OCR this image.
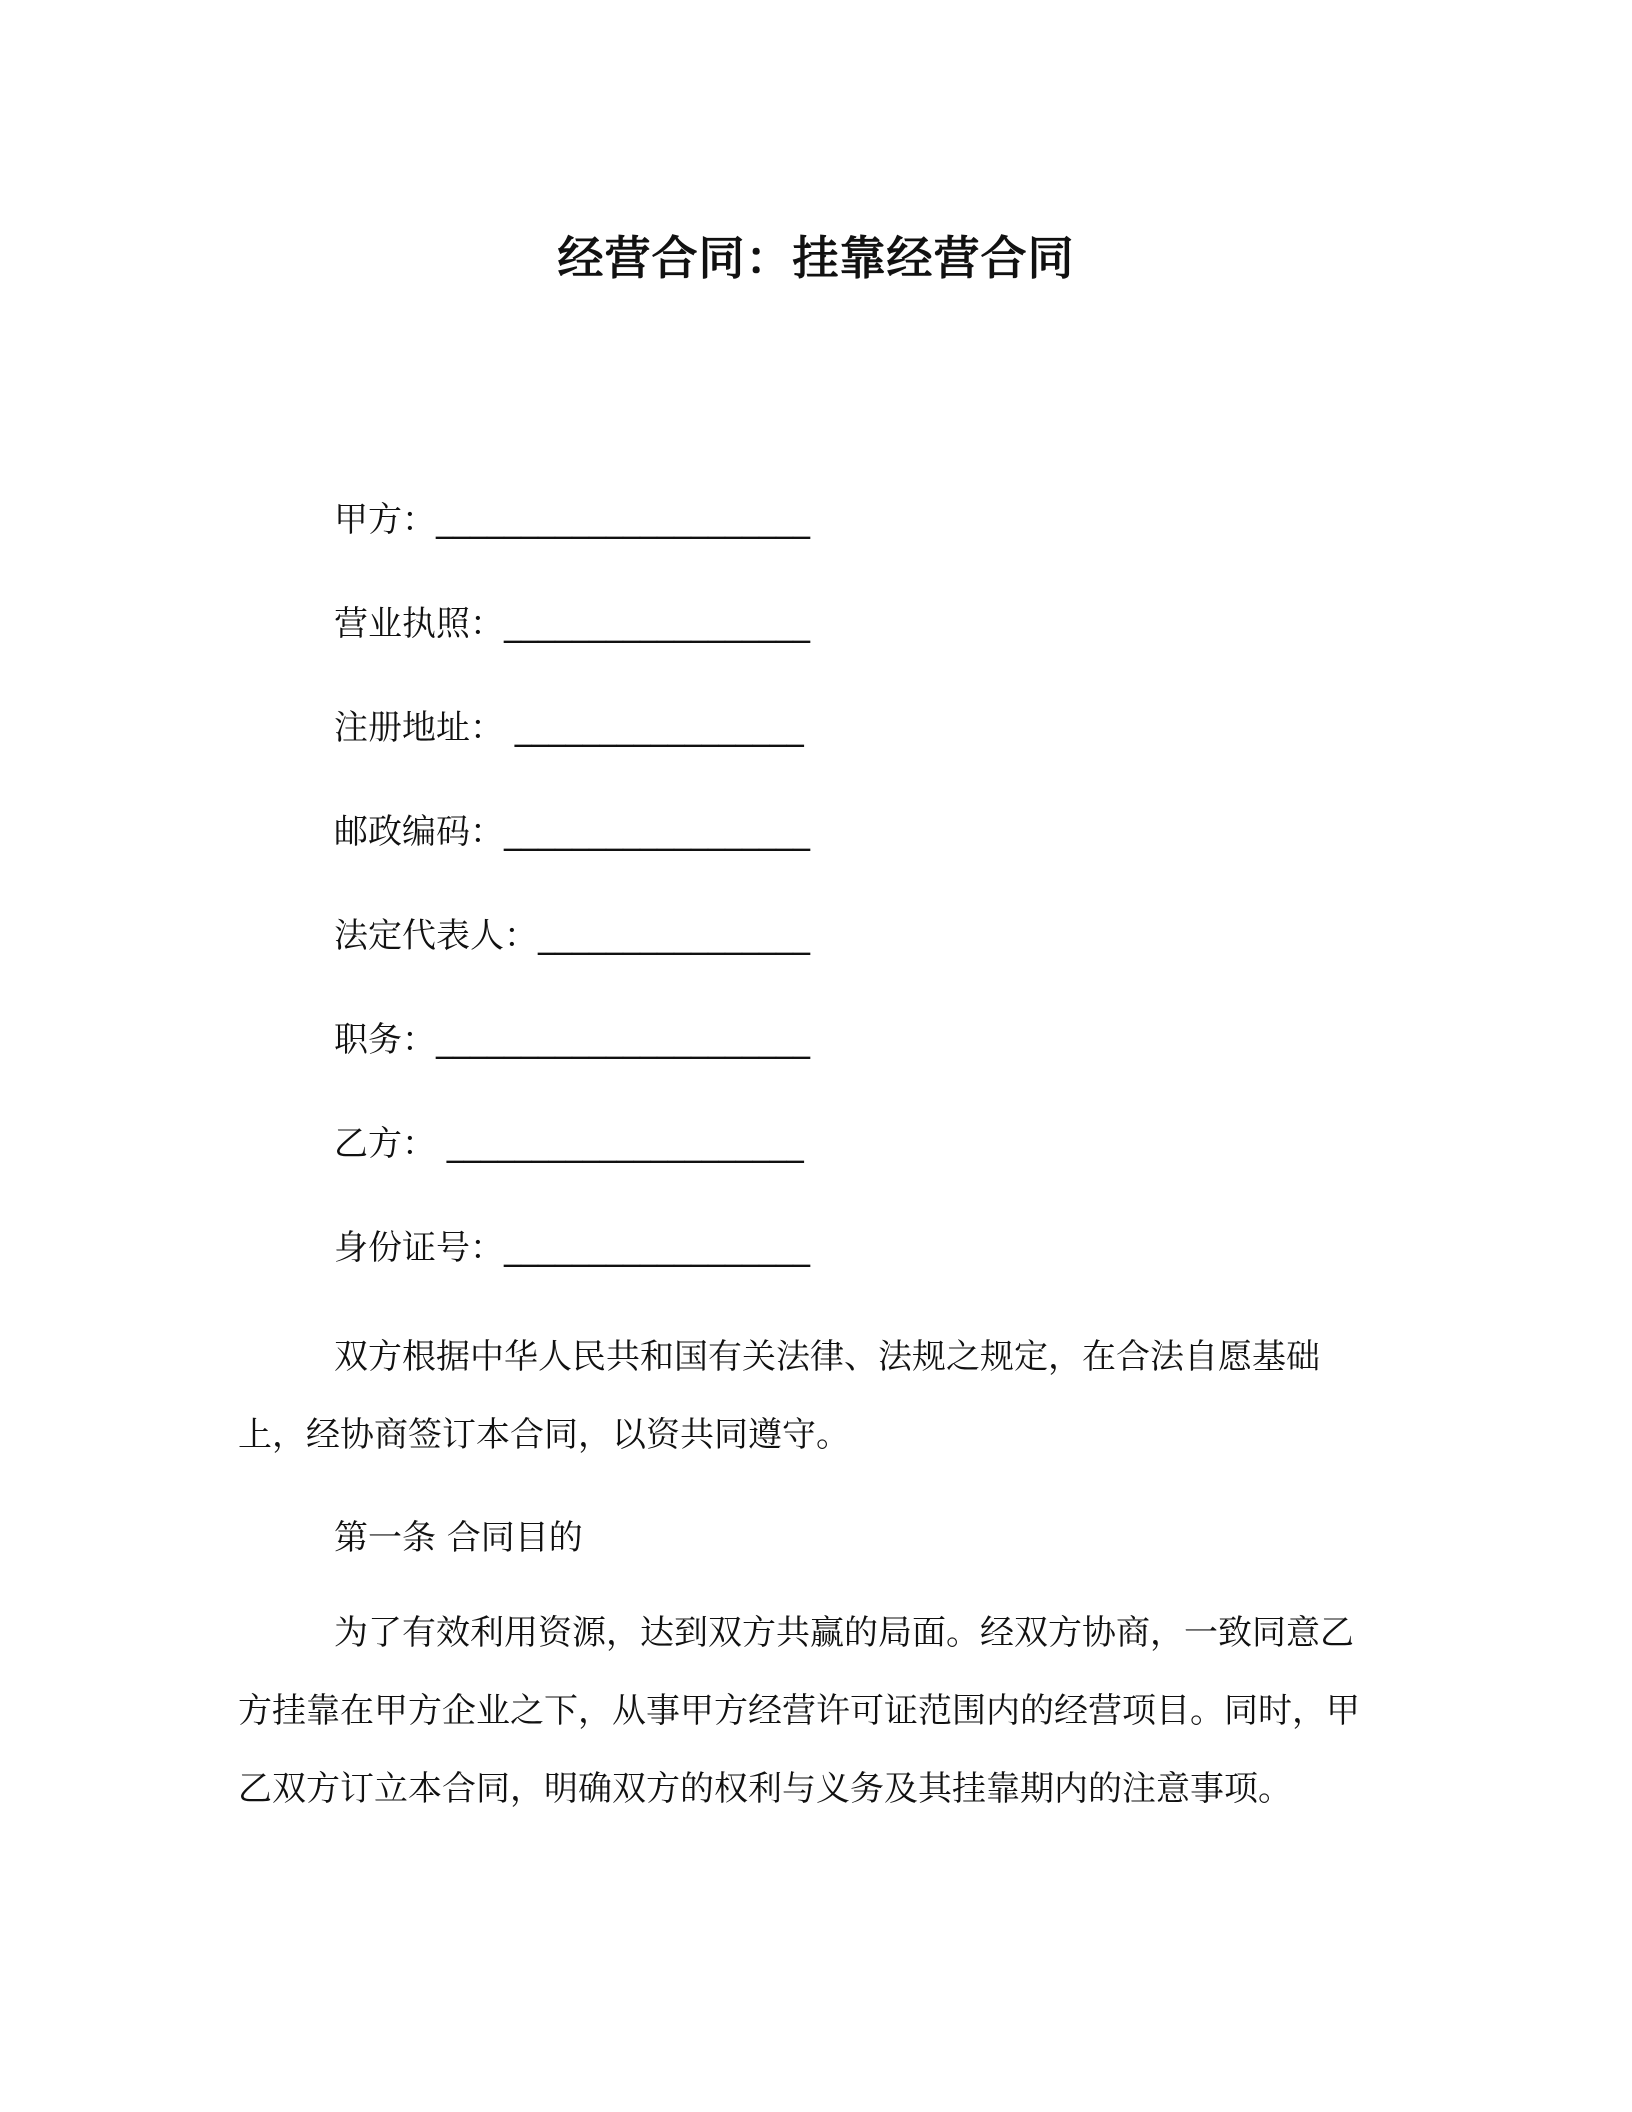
经营合同：挂靠经营合同
甲方：______________________
营业执照：__________________
注册地址： _________________
邮政编码：__________________
法定代表人：________________
职务：______________________
乙方： _____________________
身份证号：__________________

双方根据中华人民共和国有关法律、法规之规定，在合法自愿基础上，经协商签订本合同，以资共同遵守。

第一条 合同目的

为了有效利用资源，达到双方共赢的局面。经双方协商，一致同意乙方挂靠在甲方企业之下，从事甲方经营许可证范围内的经营项目。同时，甲乙双方订立本合同，明确双方的权利与义务及其挂靠期内的注意事项。
